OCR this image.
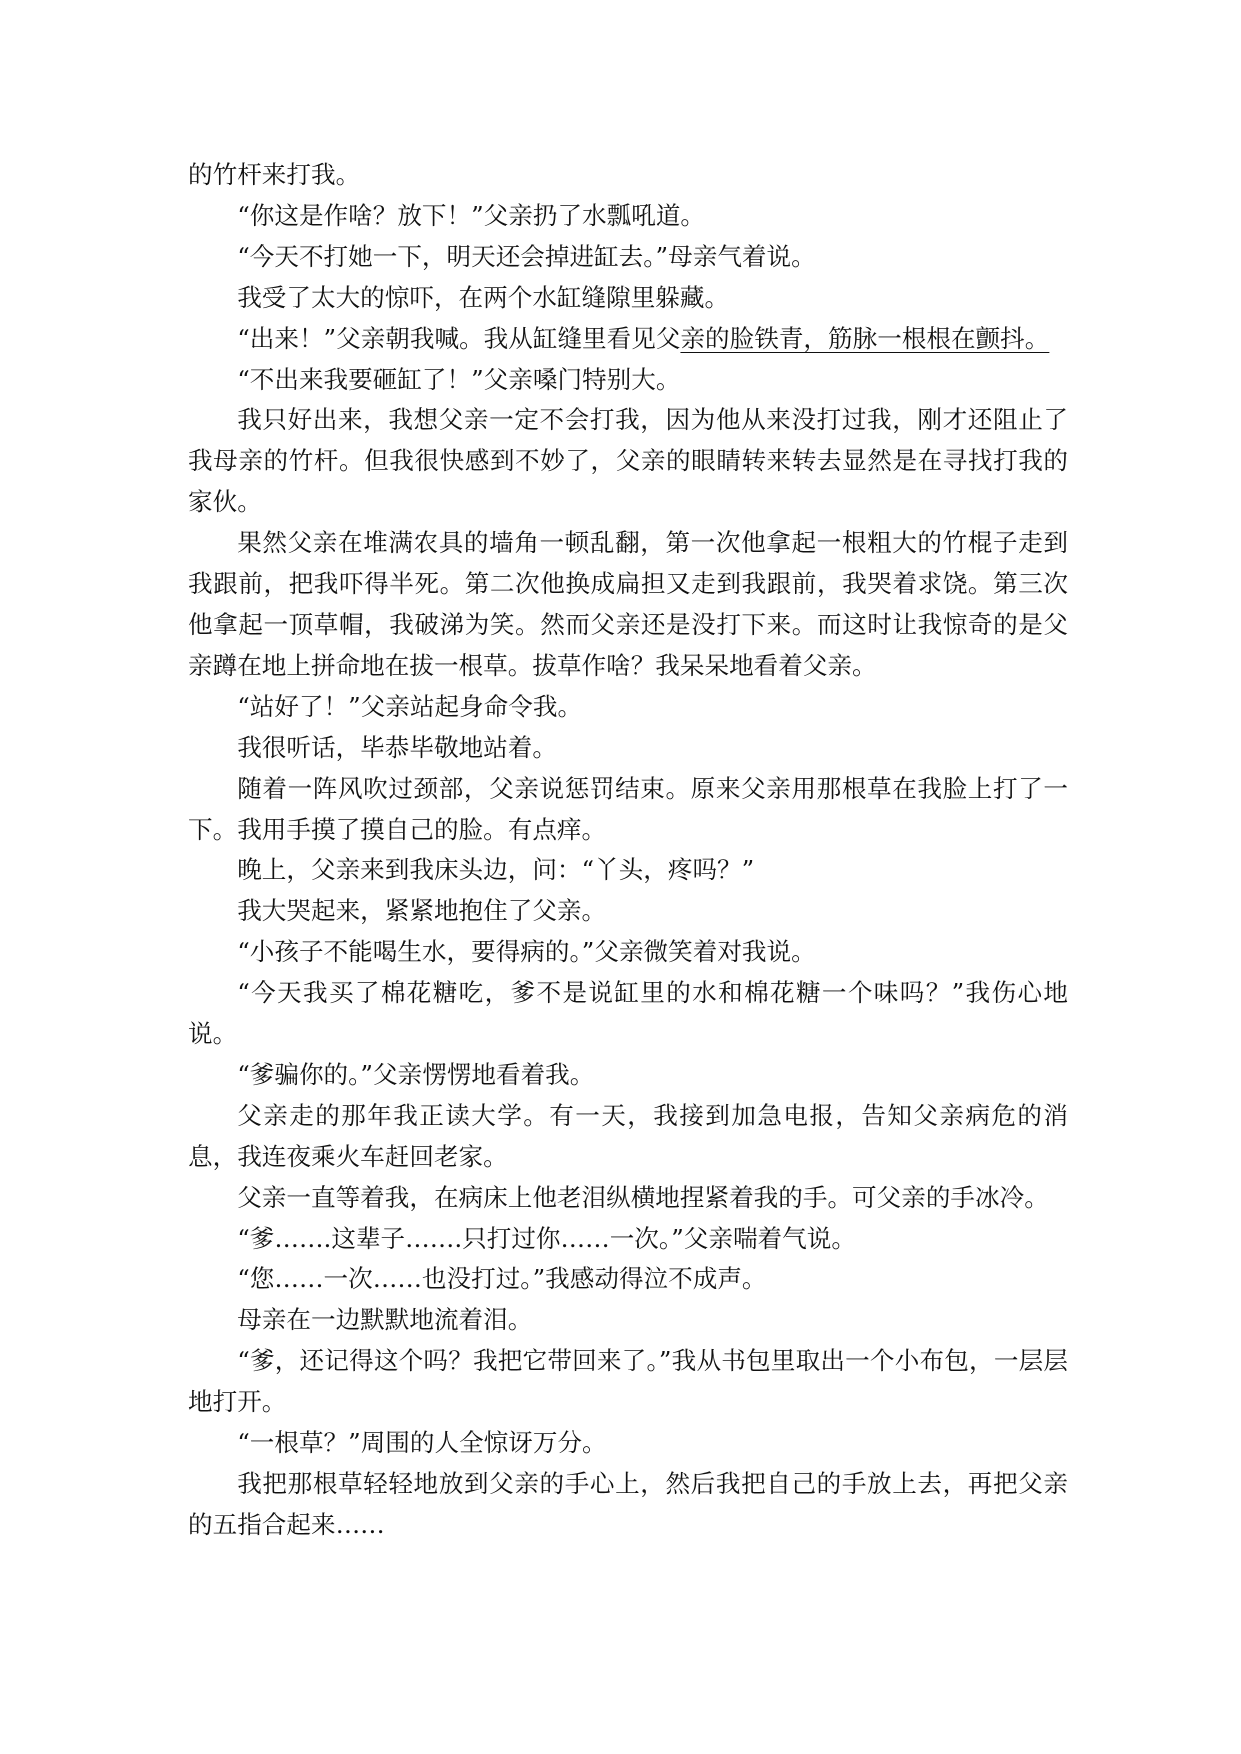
的竹杆来打我。

“你这是作啥？放下！”父亲扔了水瓢吼道。

“今天不打她一下，明天还会掉进缸去。”母亲气着说。

我受了太大的惊吓，在两个水缸缝隙里躲藏。

“出来！”父亲朝我喊。我从缸缝里看见父亲的脸铁青，筋脉一根根在颤抖。

“不出来我要砸缸了！”父亲嗓门特别大。

我只好出来，我想父亲一定不会打我，因为他从来没打过我，刚才还阻止了我母亲的竹杆。但我很快感到不妙了，父亲的眼睛转来转去显然是在寻找打我的家伙。

果然父亲在堆满农具的墙角一顿乱翻，第一次他拿起一根粗大的竹棍子走到我跟前，把我吓得半死。第二次他换成扁担又走到我跟前，我哭着求饶。第三次他拿起一顶草帽，我破涕为笑。然而父亲还是没打下来。而这时让我惊奇的是父亲蹲在地上拼命地在拔一根草。拔草作啥？我呆呆地看着父亲。

“站好了！”父亲站起身命令我。

我很听话，毕恭毕敬地站着。

随着一阵风吹过颈部，父亲说惩罚结束。原来父亲用那根草在我脸上打了一下。我用手摸了摸自己的脸。有点痒。

晚上，父亲来到我床头边，问：“丫头，疼吗？”

我大哭起来，紧紧地抱住了父亲。

“小孩子不能喝生水，要得病的。”父亲微笑着对我说。

“今天我买了棉花糖吃，爹不是说缸里的水和棉花糖一个味吗？”我伤心地说。

“爹骗你的。”父亲愣愣地看着我。

父亲走的那年我正读大学。有一天，我接到加急电报，告知父亲病危的消息，我连夜乘火车赶回老家。

父亲一直等着我，在病床上他老泪纵横地捏紧着我的手。可父亲的手冰冷。

“爹…….这辈子…….只打过你……一次。”父亲喘着气说。

“您……一次……也没打过。”我感动得泣不成声。

母亲在一边默默地流着泪。

“爹，还记得这个吗？我把它带回来了。”我从书包里取出一个小布包，一层层地打开。

“一根草？”周围的人全惊讶万分。

我把那根草轻轻地放到父亲的手心上，然后我把自己的手放上去，再把父亲的五指合起来……
